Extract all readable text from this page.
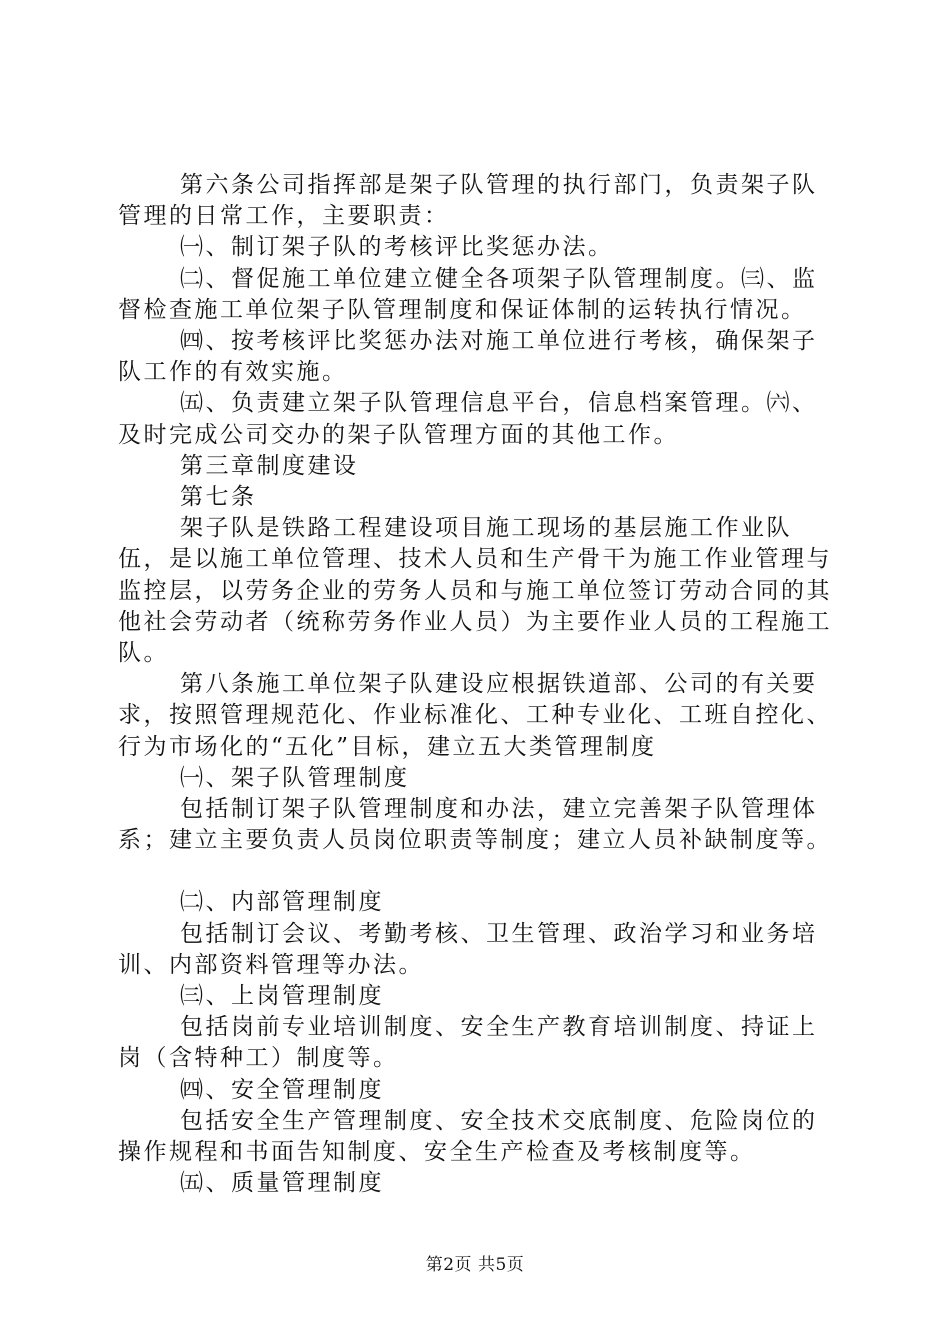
第六条公司指挥部是架子队管理的执行部门，负责架子队管理的日常工作，主要职责：

㈠、制订架子队的考核评比奖惩办法。

㈡、督促施工单位建立健全各项架子队管理制度。㈢、监督检查施工单位架子队管理制度和保证体制的运转执行情况。

㈣、按考核评比奖惩办法对施工单位进行考核，确保架子队工作的有效实施。

㈤、负责建立架子队管理信息平台，信息档案管理。㈥、及时完成公司交办的架子队管理方面的其他工作。

第三章制度建设

第七条

架子队是铁路工程建设项目施工现场的基层施工作业队伍，是以施工单位管理、技术人员和生产骨干为施工作业管理与监控层，以劳务企业的劳务人员和与施工单位签订劳动合同的其他社会劳动者（统称劳务作业人员）为主要作业人员的工程施工队。

第八条施工单位架子队建设应根据铁道部、公司的有关要求，按照管理规范化、作业标准化、工种专业化、工班自控化、行为市场化的“五化”目标，建立五大类管理制度

㈠、架子队管理制度

包括制订架子队管理制度和办法，建立完善架子队管理体系；建立主要负责人员岗位职责等制度；建立人员补缺制度等。

㈡、内部管理制度

包括制订会议、考勤考核、卫生管理、政治学习和业务培训、内部资料管理等办法。

㈢、上岗管理制度

包括岗前专业培训制度、安全生产教育培训制度、持证上岗（含特种工）制度等。

㈣、安全管理制度

包括安全生产管理制度、安全技术交底制度、危险岗位的操作规程和书面告知制度、安全生产检查及考核制度等。

㈤、质量管理制度

第2页 共5页
